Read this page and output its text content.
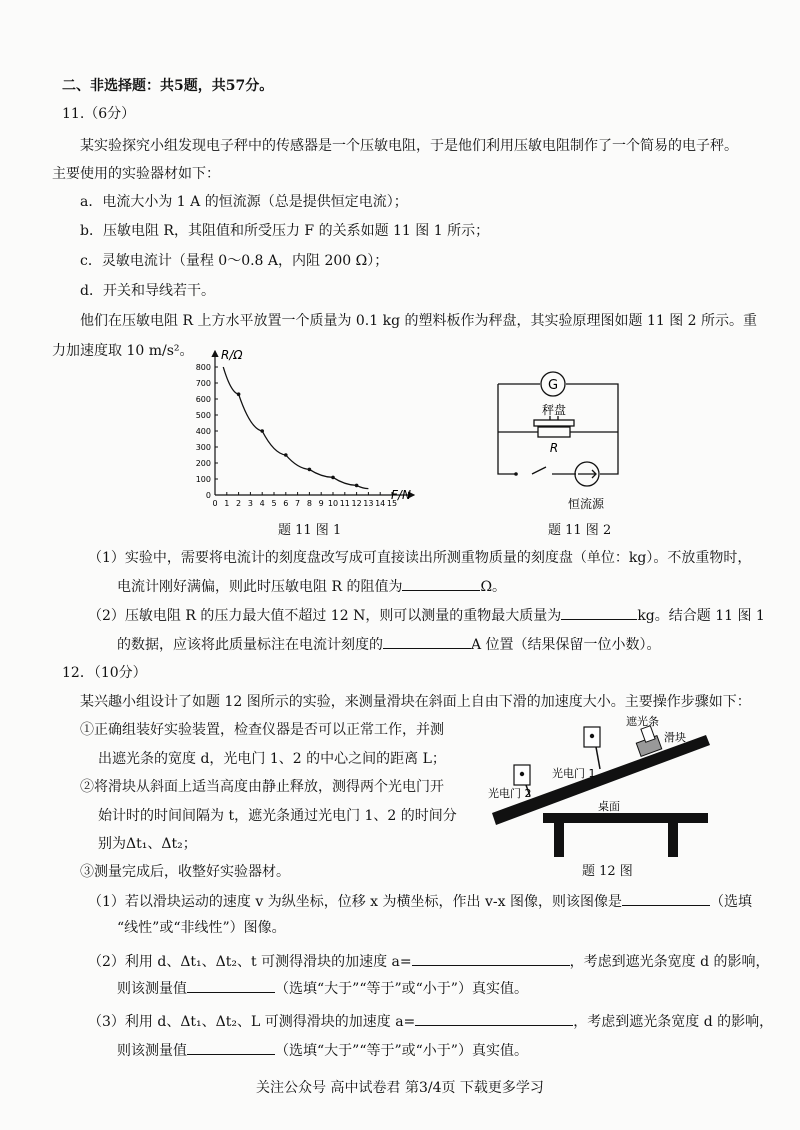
二、非选择题：共5题，共57分。
11.（6分）
某实验探究小组发现电子秤中的传感器是一个压敏电阻，于是他们利用压敏电阻制作了一个简易的电子秤。
主要使用的实验器材如下：
a．电流大小为 1 A 的恒流源（总是提供恒定电流）；
b．压敏电阻 R，其阻值和所受压力 F 的关系如题 11 图 1 所示；
c．灵敏电流计（量程 0～0.8 A，内阻 200 Ω）；
d．开关和导线若干。
他们在压敏电阻 R 上方水平放置一个质量为 0.1 kg 的塑料板作为秤盘，其实验原理图如题 11 图 2 所示。重
力加速度取 10 m/s²。 R/Ω
F/N
0 1 2 3 4 5 6 7 8 9 10 11 12 13 14 15
0
100
200
300
400
500
600
700
800
题 11 图 1
G
秤盘
R
恒流源
题 11 图 2
（1）实验中，需要将电流计的刻度盘改写成可直接读出所测重物质量的刻度盘（单位：kg）。不放重物时，
电流计刚好满偏，则此时压敏电阻 R 的阻值为	Ω。
（2）压敏电阻 R 的压力最大值不超过 12 N，则可以测量的重物最大质量为	kg。结合题 11 图 1
的数据，应该将此质量标注在电流计刻度的	A 位置（结果保留一位小数）。
12．（10分）
某兴趣小组设计了如题 12 图所示的实验，来测量滑块在斜面上自由下滑的加速度大小。主要操作步骤如下：
①正确组装好实验装置，检查仪器是否可以正常工作，并测
出遮光条的宽度 d，光电门 1、2 的中心之间的距离 L；
②将滑块从斜面上适当高度由静止释放，测得两个光电门开
始计时的时间间隔为 t，遮光条通过光电门 1、2 的时间分
别为Δt₁、Δt₂；
③测量完成后，收整好实验器材。
遮光条
滑块
光电门 1
光电门 2
桌面
题 12 图
（1）若以滑块运动的速度 v 为纵坐标，位移 x 为横坐标，作出 v-x 图像，则该图像是	（选填
“线性”或“非线性”）图像。
（2）利用 d、Δt₁、Δt₂、t 可测得滑块的加速度 a=	，考虑到遮光条宽度 d 的影响，
则该测量值	（选填“大于”“等于”或“小于”）真实值。
（3）利用 d、Δt₁、Δt₂、L 可测得滑块的加速度 a=	，考虑到遮光条宽度 d 的影响，
则该测量值	（选填“大于”“等于”或“小于”）真实值。
关注公众号 高中试卷君 第3/4页 下载更多学习
